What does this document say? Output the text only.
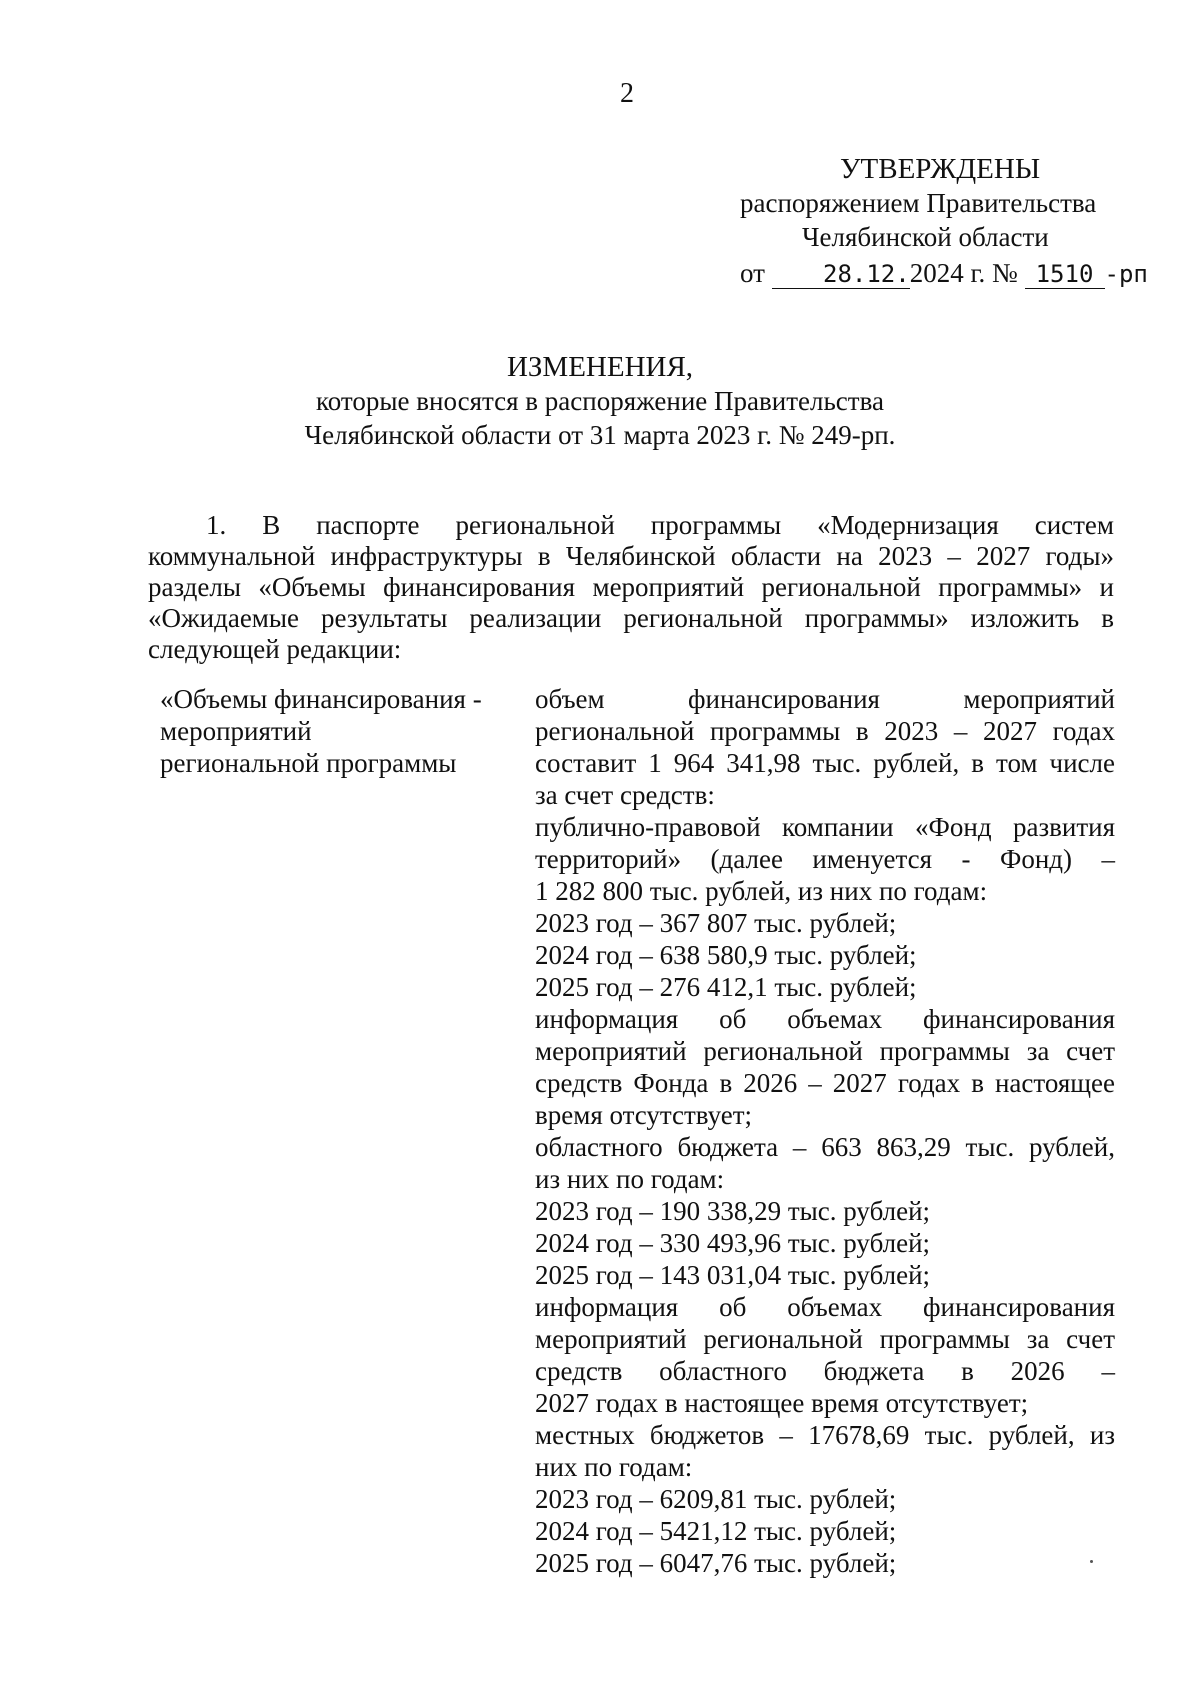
2
УТВЕРЖДЕНЫ
распоряжением Правительства
Челябинской области
от 28.12.2024 г. № 1510 -рп
ИЗМЕНЕНИЯ,
которые вносятся в распоряжение Правительства
Челябинской области от 31 марта 2023 г. № 249-рп.
1. В паспорте региональной программы «Модернизация систем
коммунальной инфраструктуры в Челябинской области на 2023 – 2027 годы»
разделы «Объемы финансирования мероприятий региональной программы» и
«Ожидаемые результаты реализации региональной программы» изложить в
следующей редакции:
«Объемы финансирования -
мероприятий
региональной программы
объем финансирования мероприятий
региональной программы в 2023 – 2027 годах
составит 1 964 341,98 тыс. рублей, в том числе
за счет средств:
публично-правовой компании «Фонд развития
территорий» (далее именуется - Фонд) –
1 282 800 тыс. рублей, из них по годам:
2023 год – 367 807 тыс. рублей;
2024 год – 638 580,9 тыс. рублей;
2025 год – 276 412,1 тыс. рублей;
информация об объемах финансирования
мероприятий региональной программы за счет
средств Фонда в 2026 – 2027 годах в настоящее
время отсутствует;
областного бюджета – 663 863,29 тыс. рублей,
из них по годам:
2023 год – 190 338,29 тыс. рублей;
2024 год – 330 493,96 тыс. рублей;
2025 год – 143 031,04 тыс. рублей;
информация об объемах финансирования
мероприятий региональной программы за счет
средств областного бюджета в 2026 –
2027 годах в настоящее время отсутствует;
местных бюджетов – 17678,69 тыс. рублей, из
них по годам:
2023 год – 6209,81 тыс. рублей;
2024 год – 5421,12 тыс. рублей;
2025 год – 6047,76 тыс. рублей;
